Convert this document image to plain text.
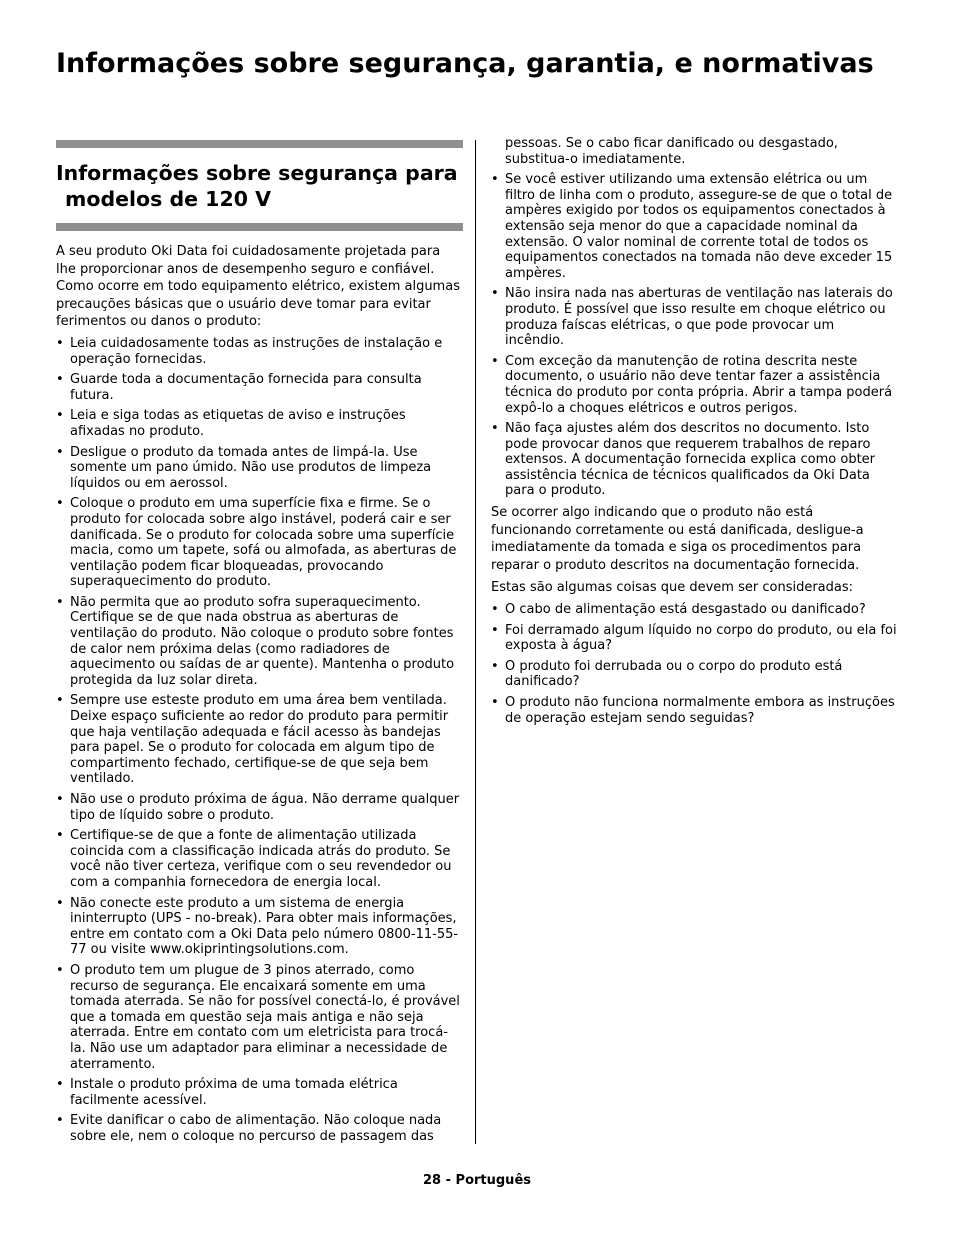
Informações sobre segurança, garantia, e normativas
Informações sobre segurança para
modelos de 120 V

A seu produto Oki Data foi cuidadosamente projetada para lhe proporcionar anos de desempenho seguro e confiável. Como ocorre em todo equipamento elétrico, existem algumas precauções básicas que o usuário deve tomar para evitar ferimentos ou danos o produto:

• Leia cuidadosamente todas as instruções de instalação e operação fornecidas.
• Guarde toda a documentação fornecida para consulta futura.
• Leia e siga todas as etiquetas de aviso e instruções afixadas no produto.
• Desligue o produto da tomada antes de limpá-la. Use somente um pano úmido. Não use produtos de limpeza líquidos ou em aerossol.
• Coloque o produto em uma superfície fixa e firme. Se o produto for colocada sobre algo instável, poderá cair e ser danificada. Se o produto for colocada sobre uma superfície macia, como um tapete, sofá ou almofada, as aberturas de ventilação podem ficar bloqueadas, provocando superaquecimento do produto.
• Não permita que ao produto sofra superaquecimento. Certifique se de que nada obstrua as aberturas de ventilação do produto. Não coloque o produto sobre fontes de calor nem próxima delas (como radiadores de aquecimento ou saídas de ar quente). Mantenha o produto protegida da luz solar direta.
• Sempre use esteste produto em uma área bem ventilada. Deixe espaço suficiente ao redor do produto para permitir que haja ventilação adequada e fácil acesso às bandejas para papel. Se o produto for colocada em algum tipo de compartimento fechado, certifique-se de que seja bem ventilado.
• Não use o produto próxima de água. Não derrame qualquer tipo de líquido sobre o produto.
• Certifique-se de que a fonte de alimentação utilizada coincida com a classificação indicada atrás do produto. Se você não tiver certeza, verifique com o seu revendedor ou com a companhia fornecedora de energia local.
• Não conecte este produto a um sistema de energia ininterrupto (UPS - no-break). Para obter mais informações, entre em contato com a Oki Data pelo número 0800-11-55-77 ou visite www.okiprintingsolutions.com.
• O produto tem um plugue de 3 pinos aterrado, como recurso de segurança. Ele encaixará somente em uma tomada aterrada. Se não for possível conectá-lo, é provável que a tomada em questão seja mais antiga e não seja aterrada. Entre em contato com um eletricista para trocá-la. Não use um adaptador para eliminar a necessidade de aterramento.
• Instale o produto próxima de uma tomada elétrica facilmente acessível.
• Evite danificar o cabo de alimentação. Não coloque nada sobre ele, nem o coloque no percurso de passagem das
pessoas. Se o cabo ficar danificado ou desgastado, substitua-o imediatamente.
• Se você estiver utilizando uma extensão elétrica ou um filtro de linha com o produto, assegure-se de que o total de ampères exigido por todos os equipamentos conectados à extensão seja menor do que a capacidade nominal da extensão. O valor nominal de corrente total de todos os equipamentos conectados na tomada não deve exceder 15 ampères.
• Não insira nada nas aberturas de ventilação nas laterais do produto. É possível que isso resulte em choque elétrico ou produza faíscas elétricas, o que pode provocar um incêndio.
• Com exceção da manutenção de rotina descrita neste documento, o usuário não deve tentar fazer a assistência técnica do produto por conta própria. Abrir a tampa poderá expô-lo a choques elétricos e outros perigos.
• Não faça ajustes além dos descritos no documento. Isto pode provocar danos que requerem trabalhos de reparo extensos. A documentação fornecida explica como obter assistência técnica de técnicos qualificados da Oki Data para o produto.

Se ocorrer algo indicando que o produto não está funcionando corretamente ou está danificada, desligue-a imediatamente da tomada e siga os procedimentos para reparar o produto descritos na documentação fornecida.

Estas são algumas coisas que devem ser consideradas:

• O cabo de alimentação está desgastado ou danificado?
• Foi derramado algum líquido no corpo do produto, ou ela foi exposta à água?
• O produto foi derrubada ou o corpo do produto está danificado?
• O produto não funciona normalmente embora as instruções de operação estejam sendo seguidas?
28 - Português
